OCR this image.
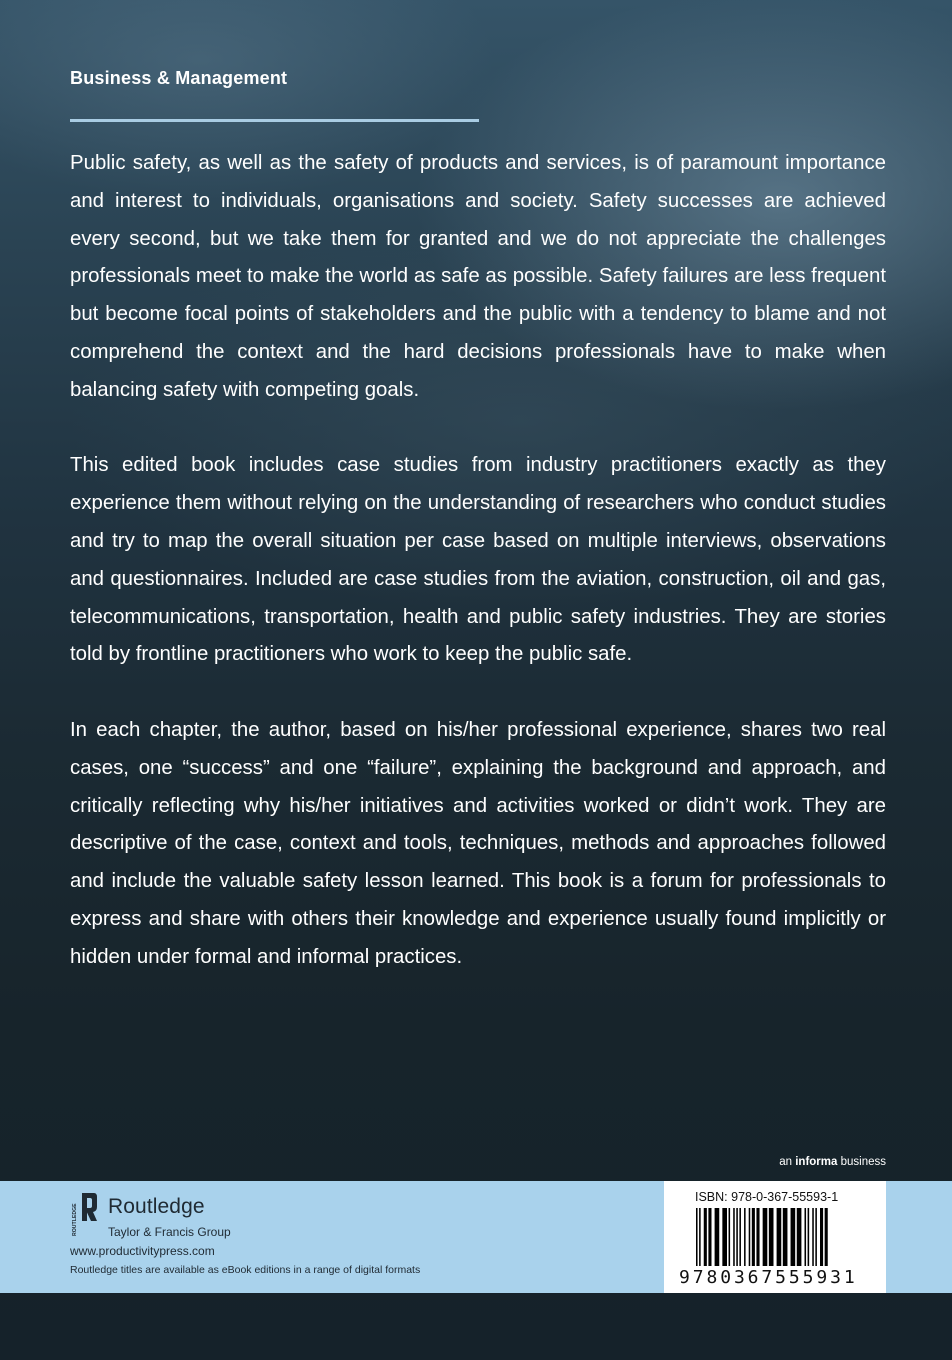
Business & Management

Public safety, as well as the safety of products and services, is of paramount importance and interest to individuals, organisations and society. Safety successes are achieved every second, but we take them for granted and we do not appreciate the challenges professionals meet to make the world as safe as possible. Safety failures are less frequent but become focal points of stakeholders and the public with a tendency to blame and not comprehend the context and the hard decisions professionals have to make when balancing safety with competing goals.

This edited book includes case studies from industry practitioners exactly as they experience them without relying on the understanding of researchers who conduct studies and try to map the overall situation per case based on multiple interviews, observations and questionnaires. Included are case studies from the aviation, construction, oil and gas, telecommunications, transportation, health and public safety industries. They are stories told by frontline practitioners who work to keep the public safe.

In each chapter, the author, based on his/her professional experience, shares two real cases, one “success” and one “failure”, explaining the background and approach, and critically reflecting why his/her initiatives and activities worked or didn’t work. They are descriptive of the case, context and tools, techniques, methods and approaches followed and include the valuable safety lesson learned. This book is a forum for professionals to express and share with others their knowledge and experience usually found implicitly or hidden under formal and informal practices.

an informa business
ROUTLEDGE Routledge
Taylor & Francis Group
www.productivitypress.com
Routledge titles are available as eBook editions in a range of digital formats
ISBN: 978-0-367-55593-1
9780367555931
